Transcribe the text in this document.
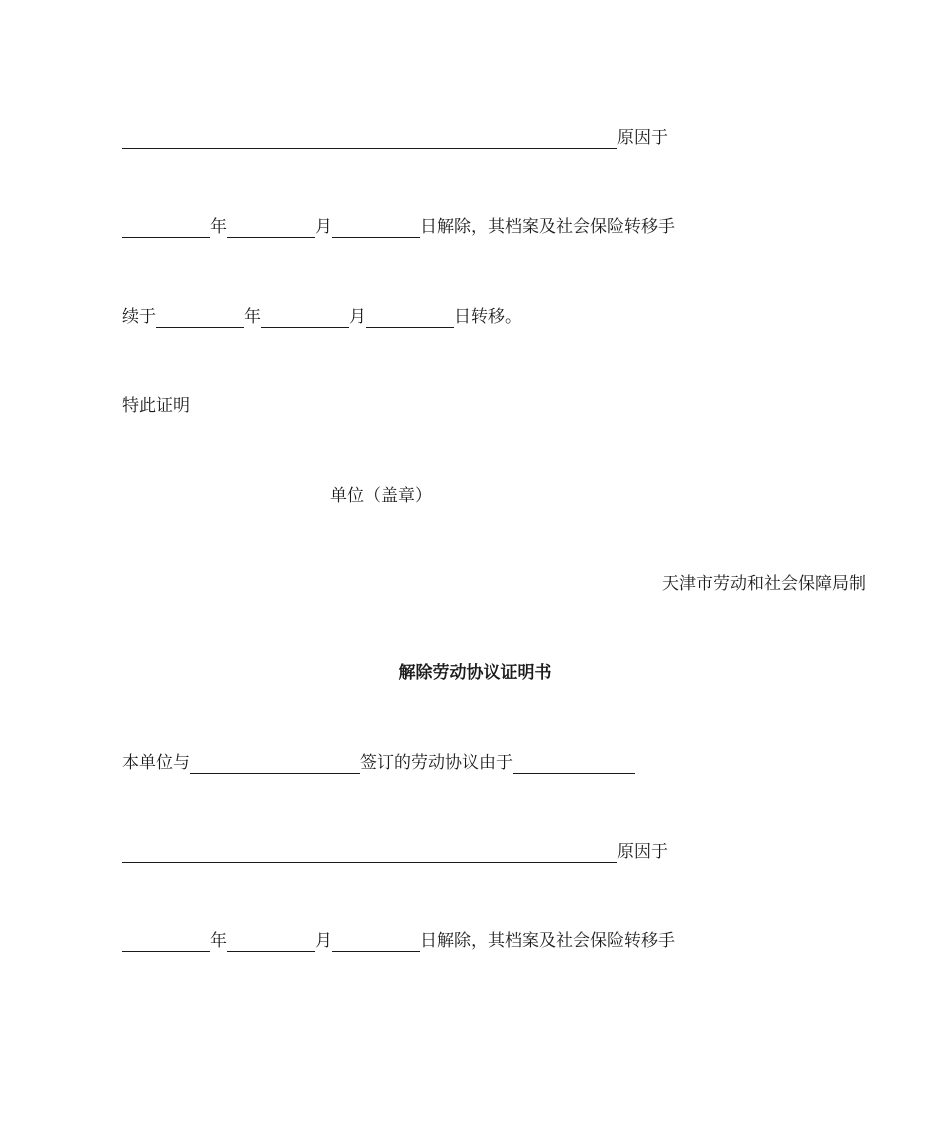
原因于
年	月	日解除，其档案及社会保险转移手
续于	年	月	日转移。
特此证明
单位（盖章）
天津市劳动和社会保障局制
解除劳动协议证明书
本单位与	签订的劳动协议由于
原因于
年	月	日解除，其档案及社会保险转移手
